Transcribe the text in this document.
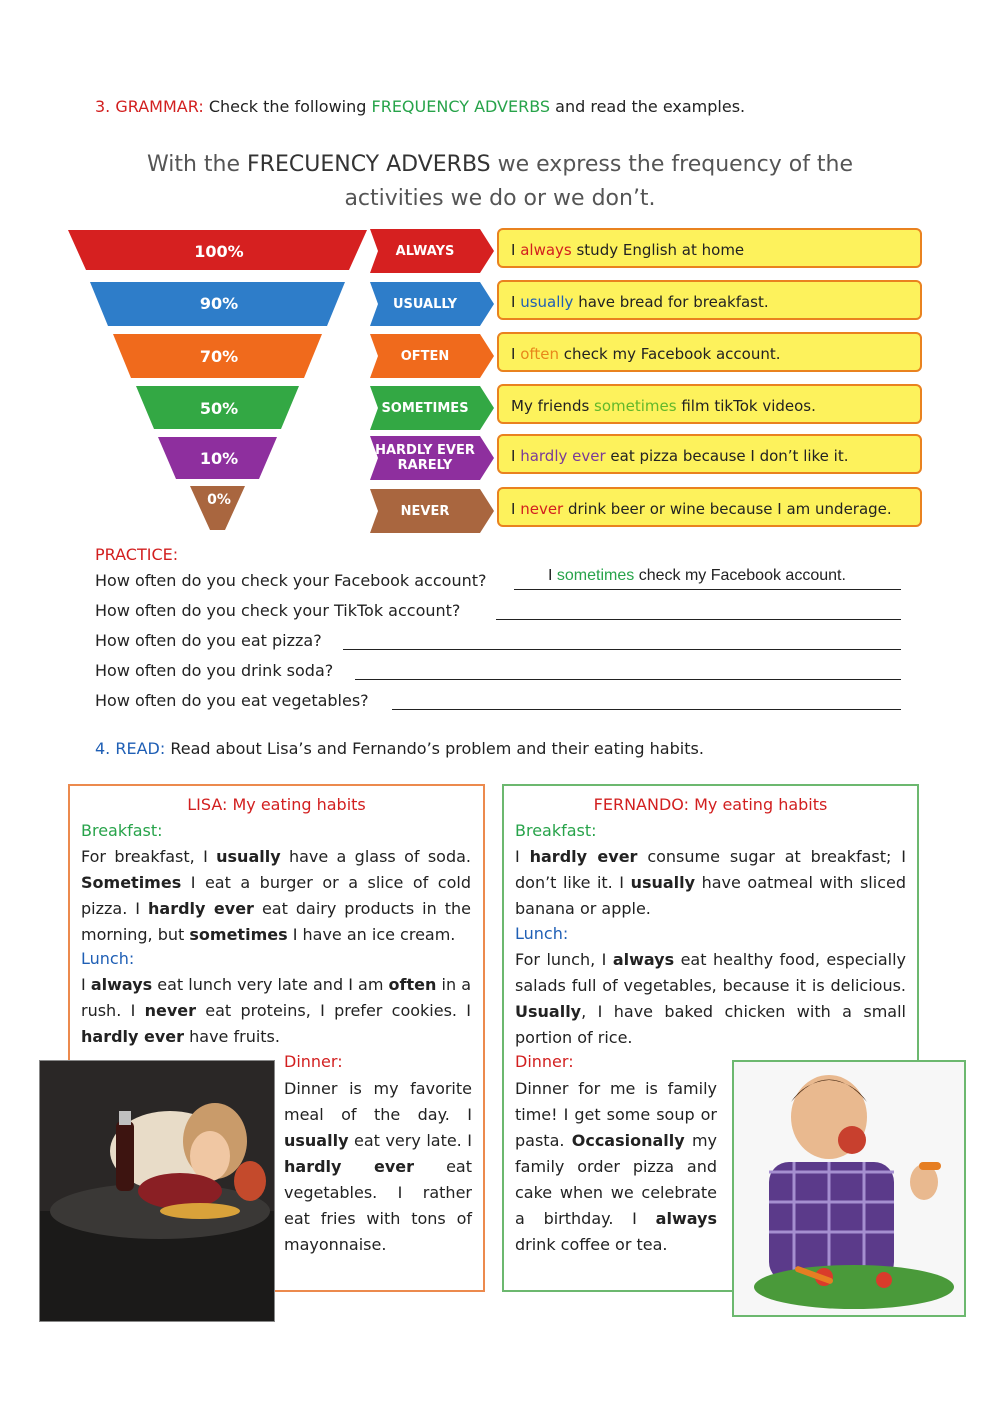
3. GRAMMAR: Check the following FREQUENCY ADVERBS and read the examples.
With the FRECUENCY ADVERBS we express the frequency of the activities we do or we don’t.
100%
90%
70%
50%
10%
0%
ALWAYS
USUALLY
OFTEN
SOMETIMES
HARDLY EVER
RARELY
NEVER
I always study English at home
I usually have bread for breakfast.
I often check my Facebook account.
My friends sometimes film tikTok videos.
I hardly ever eat pizza because I don’t like it.
I never drink beer or wine because I am underage.
PRACTICE:
How often do you check your Facebook account?	I sometimes check my Facebook account.
How often do you check your TikTok account?
How often do you eat pizza?
How often do you drink soda?
How often do you eat vegetables?
4. READ: Read about Lisa’s and Fernando’s problem and their eating habits.
LISA: My eating habits
Breakfast:
For breakfast, I usually have a glass of soda. Sometimes I eat a burger or a slice of cold pizza. I hardly ever eat dairy products in the morning, but sometimes I have an ice cream.
Lunch:
I always eat lunch very late and I am often in a rush. I never eat proteins, I prefer cookies. I hardly ever have fruits.
Dinner:
Dinner is my favorite meal of the day. I usually eat very late. I hardly ever eat vegetables. I rather eat fries with tons of mayonnaise.
FERNANDO: My eating habits
Breakfast:
I hardly ever consume sugar at breakfast; I don’t like it. I usually have oatmeal with sliced banana or apple.
Lunch:
For lunch, I always eat healthy food, especially salads full of vegetables, because it is delicious. Usually, I have baked chicken with a small portion of rice.
Dinner:
Dinner for me is family time! I get some soup or pasta. Occasionally my family order pizza and cake when we celebrate a birthday. I always drink coffee or tea.
